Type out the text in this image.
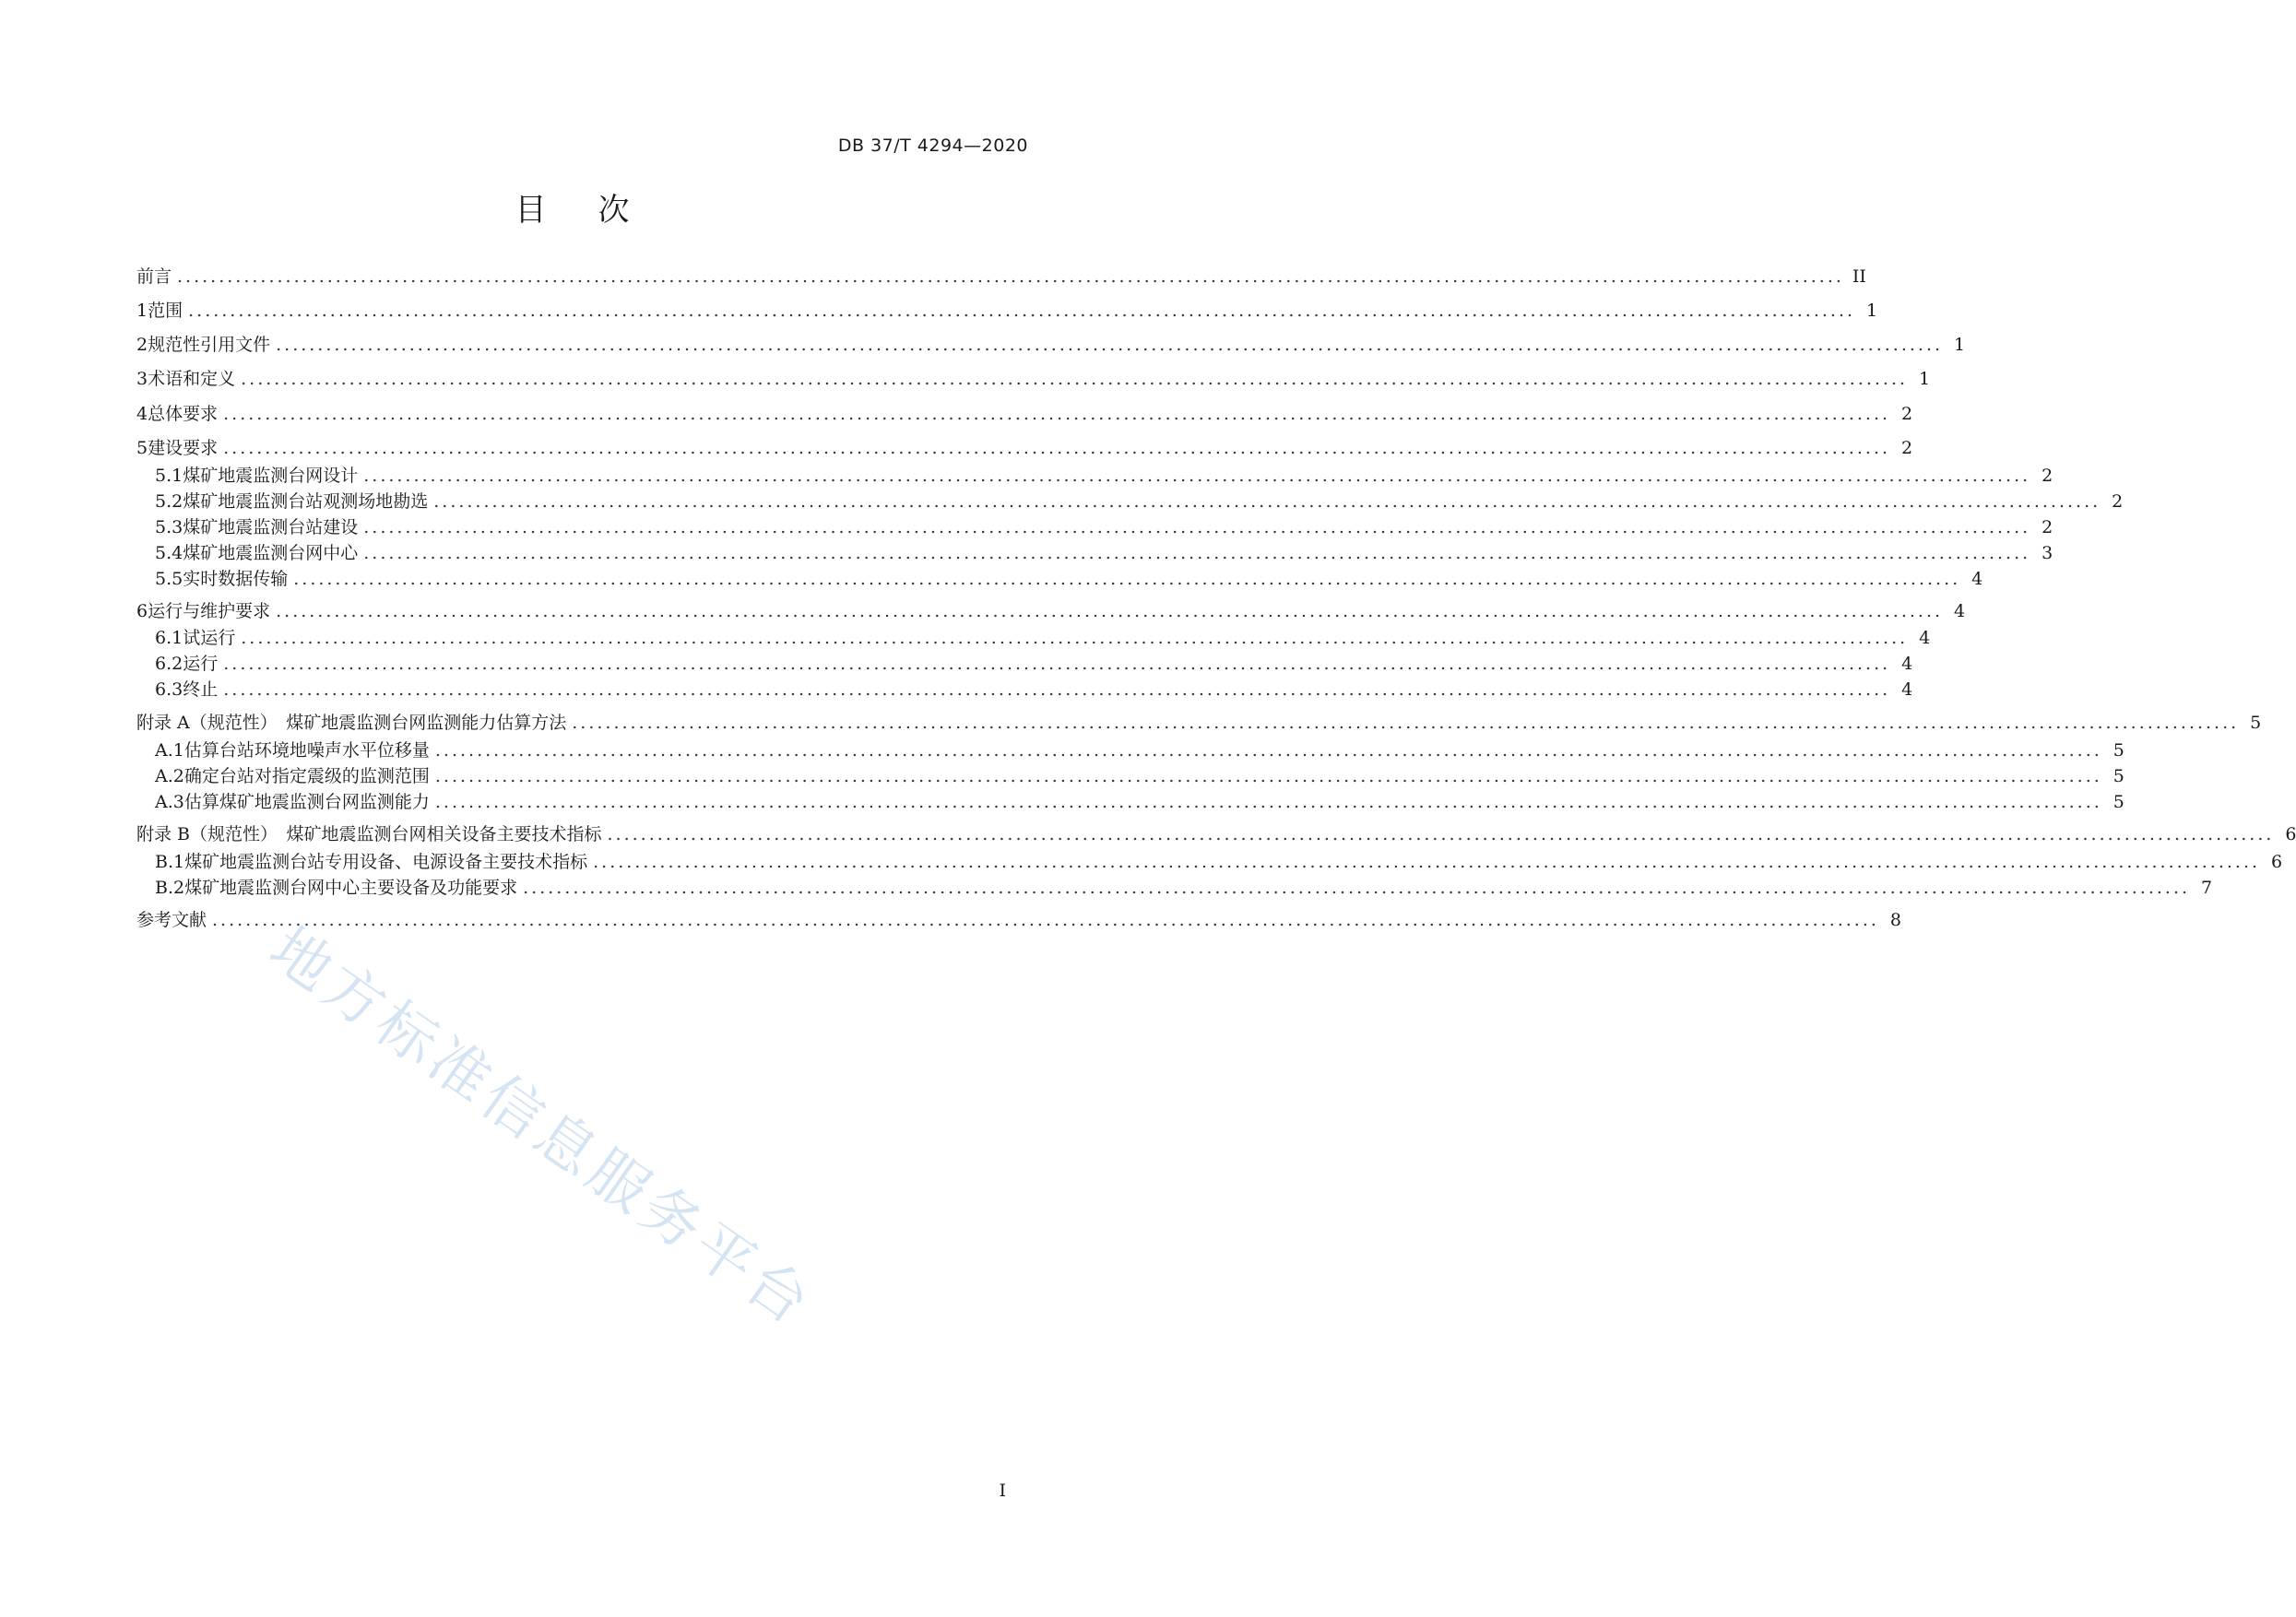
DB 37/T 4294—2020
目 次
前言 ........................................................................................................................................................................................................ II
1 范围 ........................................................................................................................................................................................................ 1
2 规范性引用文件 ........................................................................................................................................................................................................ 1
3 术语和定义 ........................................................................................................................................................................................................ 1
4 总体要求 ........................................................................................................................................................................................................ 2
5 建设要求 ........................................................................................................................................................................................................ 2
5.1 煤矿地震监测台网设计 ........................................................................................................................................................................................................ 2
5.2 煤矿地震监测台站观测场地勘选 ........................................................................................................................................................................................................ 2
5.3 煤矿地震监测台站建设 ........................................................................................................................................................................................................ 2
5.4 煤矿地震监测台网中心 ........................................................................................................................................................................................................ 3
5.5 实时数据传输 ........................................................................................................................................................................................................ 4
6 运行与维护要求 ........................................................................................................................................................................................................ 4
6.1 试运行 ........................................................................................................................................................................................................ 4
6.2 运行 ........................................................................................................................................................................................................ 4
6.3 终止 ........................................................................................................................................................................................................ 4
附录 A（规范性）　煤矿地震监测台网监测能力估算方法 ........................................................................................................................................................................................................ 5
A.1 估算台站环境地噪声水平位移量 ........................................................................................................................................................................................................ 5
A.2 确定台站对指定震级的监测范围 ........................................................................................................................................................................................................ 5
A.3 估算煤矿地震监测台网监测能力 ........................................................................................................................................................................................................ 5
附录 B（规范性）　煤矿地震监测台网相关设备主要技术指标 ........................................................................................................................................................................................................ 6
B.1 煤矿地震监测台站专用设备、电源设备主要技术指标 ........................................................................................................................................................................................................ 6
B.2 煤矿地震监测台网中心主要设备及功能要求 ........................................................................................................................................................................................................ 7
参考文献 ........................................................................................................................................................................................................ 8
地方标准信息服务平台
I
